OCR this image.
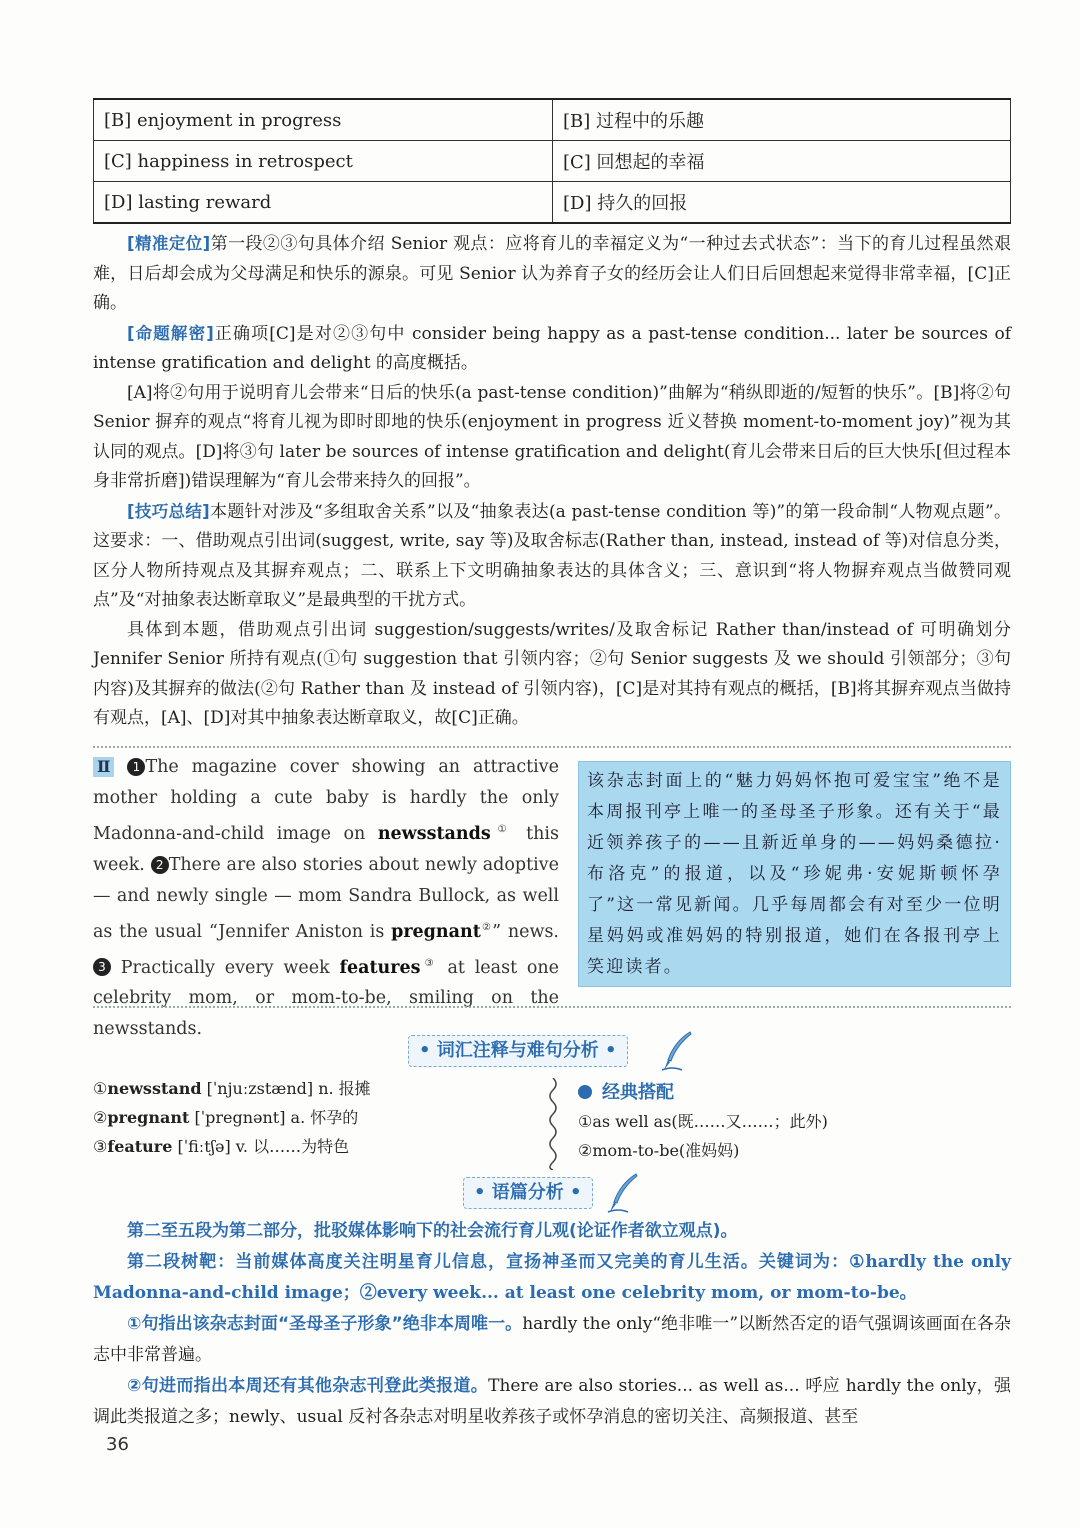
[B] enjoyment in progress	[B] 过程中的乐趣
[C] happiness in retrospect	[C] 回想起的幸福
[D] lasting reward	[D] 持久的回报

[精准定位]第一段②③句具体介绍 Senior 观点：应将育儿的幸福定义为“一种过去式状态”：当下的育儿过程虽然艰难，日后却会成为父母满足和快乐的源泉。可见 Senior 认为养育子女的经历会让人们日后回想起来觉得非常幸福，[C]正确。

[命题解密]正确项[C]是对②③句中 consider being happy as a past-tense condition... later be sources of intense gratification and delight 的高度概括。

[A]将②句用于说明育儿会带来“日后的快乐(a past-tense condition)”曲解为“稍纵即逝的/短暂的快乐”。[B]将②句 Senior 摒弃的观点“将育儿视为即时即地的快乐(enjoyment in progress 近义替换 moment-to-moment joy)”视为其认同的观点。[D]将③句 later be sources of intense gratification and delight(育儿会带来日后的巨大快乐[但过程本身非常折磨])错误理解为“育儿会带来持久的回报”。

[技巧总结]本题针对涉及“多组取舍关系”以及“抽象表达(a past-tense condition 等)”的第一段命制“人物观点题”。这要求：一、借助观点引出词(suggest, write, say 等)及取舍标志(Rather than, instead, instead of 等)对信息分类，区分人物所持观点及其摒弃观点；二、联系上下文明确抽象表达的具体含义；三、意识到“将人物摒弃观点当做赞同观点”及“对抽象表达断章取义”是最典型的干扰方式。

具体到本题，借助观点引出词 suggestion/suggests/writes/及取舍标记 Rather than/instead of 可明确划分 Jennifer Senior 所持有观点(①句 suggestion that 引领内容；②句 Senior suggests 及 we should 引领部分；③句内容)及其摒弃的做法(②句 Rather than 及 instead of 引领内容)，[C]是对其持有观点的概括，[B]将其摒弃观点当做持有观点，[A]、[D]对其中抽象表达断章取义，故[C]正确。

Ⅱ 1 The magazine cover showing an attractive mother holding a cute baby is hardly the only Madonna-and-child image on newsstands① this week. 2 There are also stories about newly adoptive — and newly single — mom Sandra Bullock, as well as the usual “Jennifer Aniston is pregnant②” news. 3 Practically every week features③ at least one celebrity mom, or mom-to-be, smiling on the newsstands.

该杂志封面上的“魅力妈妈怀抱可爱宝宝”绝不是本周报刊亭上唯一的圣母圣子形象。还有关于“最近领养孩子的——且新近单身的——妈妈桑德拉·布洛克”的报道，以及“珍妮弗·安妮斯顿怀孕了”这一常见新闻。几乎每周都会有对至少一位明星妈妈或准妈妈的特别报道，她们在各报刊亭上笑迎读者。
• 词汇注释与难句分析 •
①newsstand [ˈnjuːzstænd] n. 报摊
②pregnant [ˈpregnənt] a. 怀孕的
③feature [ˈfiːtʃə] v. 以……为特色
经典搭配
①as well as(既……又……；此外)
②mom-to-be(准妈妈)
• 语篇分析 •

第二至五段为第二部分，批驳媒体影响下的社会流行育儿观(论证作者欲立观点)。

第二段树靶：当前媒体高度关注明星育儿信息，宣扬神圣而又完美的育儿生活。关键词为：①hardly the only Madonna-and-child image；②every week... at least one celebrity mom, or mom-to-be。

①句指出该杂志封面“圣母圣子形象”绝非本周唯一。hardly the only“绝非唯一”以断然否定的语气强调该画面在各杂志中非常普遍。

②句进而指出本周还有其他杂志刊登此类报道。There are also stories... as well as... 呼应 hardly the only，强调此类报道之多；newly、usual 反衬各杂志对明星收养孩子或怀孕消息的密切关注、高频报道、甚至

36
